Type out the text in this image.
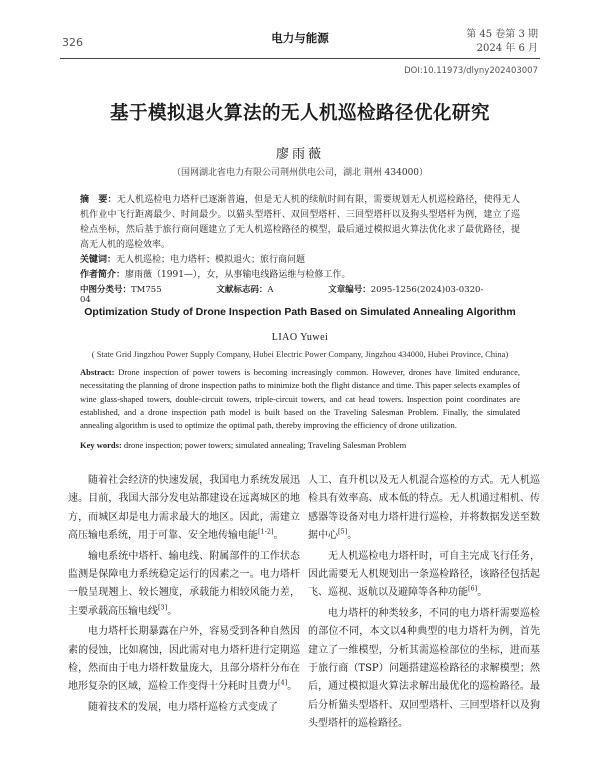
326	电力与能源	第 45 卷第 3 期
2024 年 6 月
DOI:10.11973/dlyny202403007
基于模拟退火算法的无人机巡检路径优化研究
廖雨薇
（国网湖北省电力有限公司荆州供电公司，湖北 荆州 434000）

摘　要：无人机巡检电力塔杆已逐渐普遍，但是无人机的续航时间有限，需要规划无人机巡检路径，使得无人机作业中飞行距离最少、时间最少。以猫头型塔杆、双回型塔杆、三回型塔杆以及狗头型塔杆为例，建立了巡检点坐标，然后基于旅行商问题建立了无人机巡检路径的模型，最后通过模拟退火算法优化求了最优路径，提高无人机的巡检效率。

关键词：无人机巡检；电力塔杆；模拟退火；旅行商问题
作者简介：廖雨薇（1991—），女，从事输电线路运维与检修工作。
中图分类号：TM755	文献标志码：A	文章编号：2095-1256(2024)03-0320-04
Optimization Study of Drone Inspection Path Based on Simulated Annealing Algorithm
LIAO Yuwei
( State Grid Jingzhou Power Supply Company, Hubei Electric Power Company, Jingzhou 434000, Hubei Province, China)

Abstract: Drone inspection of power towers is becoming increasingly common. However, drones have limited endurance, necessitating the planning of drone inspection paths to minimize both the flight distance and time. This paper selects examples of wine glass-shaped towers, double-circuit towers, triple-circuit towers, and cat head towers. Inspection point coordinates are established, and a drone inspection path model is built based on the Traveling Salesman Problem. Finally, the simulated annealing algorithm is used to optimize the optimal path, thereby improving the efficiency of drone utilization.

Key words: drone inspection; power towers; simulated annealing; Traveling Salesman Problem

随着社会经济的快速发展，我国电力系统发展迅速。目前，我国大部分发电站都建设在远离城区的地方，而城区却是电力需求最大的地区。因此，需建立高压输电系统，用于可靠、安全地传输电能[1-2]。

输电系统中塔杆、输电线、附属部件的工作状态监测是保障电力系统稳定运行的因素之一。电力塔杆一般呈现翘上、较长翘度，承载能力相较风能力差，主要承载高压输电线[3]。

电力塔杆长期暴露在户外，容易受到各种自然因素的侵蚀，比如腐蚀，因此需对电力塔杆进行定期巡检，然而由于电力塔杆数量庞大，且部分塔杆分布在地形复杂的区域，巡检工作变得十分耗时且费力[4]。

随着技术的发展，电力塔杆巡检方式变成了

人工、直升机以及无人机混合巡检的方式。无人机巡检具有效率高、成本低的特点。无人机通过相机、传感器等设备对电力塔杆进行巡检，并将数据发送至数据中心[5]。

无人机巡检电力塔杆时，可自主完成飞行任务，因此需要无人机规划出一条巡检路径，该路径包括起飞、巡视、返航以及避障等各种功能[6]。

电力塔杆的种类较多，不同的电力塔杆需要巡检的部位不同，本文以4种典型的电力塔杆为例，首先建立了一维模型，分析其需巡检部位的坐标，进而基于旅行商（TSP）问题搭建巡检路径的求解模型；然后，通过模拟退火算法求解出最优化的巡检路径。最后分析猫头型塔杆、双回型塔杆、三回型塔杆以及狗头型塔杆的巡检路径。
